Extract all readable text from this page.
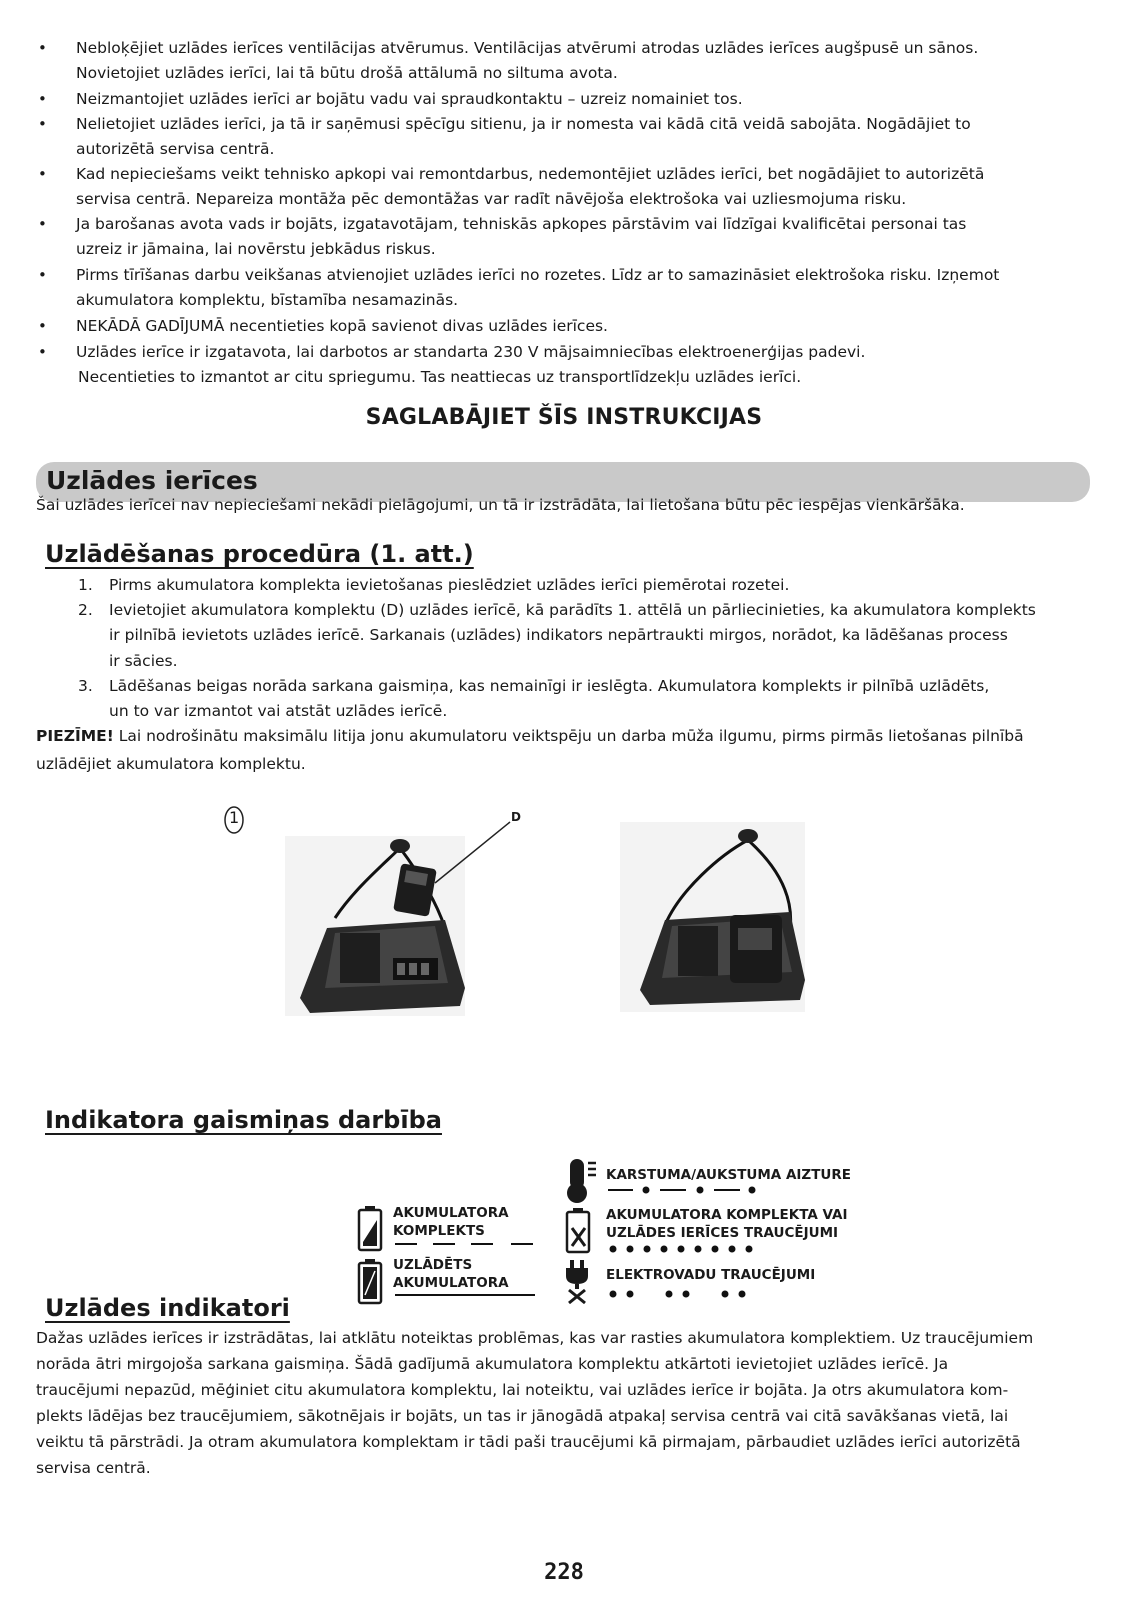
• Nebloķējiet uzlādes ierīces ventilācijas atvērumus. Ventilācijas atvērumi atrodas uzlādes ierīces augšpusē un sānos.
Novietojiet uzlādes ierīci, lai tā būtu drošā attālumā no siltuma avota.
• Neizmantojiet uzlādes ierīci ar bojātu vadu vai spraudkontaktu – uzreiz nomainiet tos.
• Nelietojiet uzlādes ierīci, ja tā ir saņēmusi spēcīgu sitienu, ja ir nomesta vai kādā citā veidā sabojāta. Nogādājiet to
autorizētā servisa centrā.
• Kad nepieciešams veikt tehnisko apkopi vai remontdarbus, nedemontējiet uzlādes ierīci, bet nogādājiet to autorizētā
servisa centrā. Nepareiza montāža pēc demontāžas var radīt nāvējoša elektrošoka vai uzliesmojuma risku.
• Ja barošanas avota vads ir bojāts, izgatavotājam, tehniskās apkopes pārstāvim vai līdzīgai kvalificētai personai tas
uzreiz ir jāmaina, lai novērstu jebkādus riskus.
• Pirms tīrīšanas darbu veikšanas atvienojiet uzlādes ierīci no rozetes. Līdz ar to samazināsiet elektrošoka risku. Izņemot
akumulatora komplektu, bīstamība nesamazinās.
• NEKĀDĀ GADĪJUMĀ necentieties kopā savienot divas uzlādes ierīces.
• Uzlādes ierīce ir izgatavota, lai darbotos ar standarta 230 V mājsaimniecības elektroenerģijas padevi.
Necentieties to izmantot ar citu spriegumu. Tas neattiecas uz transportlīdzekļu uzlādes ierīci.
SAGLABĀJIET ŠĪS INSTRUKCIJAS
Uzlādes ierīces
Šai uzlādes ierīcei nav nepieciešami nekādi pielāgojumi, un tā ir izstrādāta, lai lietošana būtu pēc iespējas vienkāršāka.
Uzlādēšanas procedūra (1. att.)
1. Pirms akumulatora komplekta ievietošanas pieslēdziet uzlādes ierīci piemērotai rozetei.
2. Ievietojiet akumulatora komplektu (D) uzlādes ierīcē, kā parādīts 1. attēlā un pārliecinieties, ka akumulatora komplekts
ir pilnībā ievietots uzlādes ierīcē. Sarkanais (uzlādes) indikators nepārtraukti mirgos, norādot, ka lādēšanas process
ir sācies.
3. Lādēšanas beigas norāda sarkana gaismiņa, kas nemainīgi ir ieslēgta. Akumulatora komplekts ir pilnībā uzlādēts,
un to var izmantot vai atstāt uzlādes ierīcē.
PIEZĪME! Lai nodrošinātu maksimālu litija jonu akumulatoru veiktspēju un darba mūža ilgumu, pirms pirmās lietošanas pilnībā
uzlādējiet akumulatora komplektu.
1	D
Indikatora gaismiņas darbība
AKUMULATORA
KOMPLEKTS
UZLĀDĒTS
AKUMULATORA
KARSTUMA/AUKSTUMA AIZTURE
AKUMULATORA KOMPLEKTA VAI
UZLĀDES IERĪCES TRAUCĒJUMI
ELEKTROVADU TRAUCĒJUMI
Uzlādes indikatori
Dažas uzlādes ierīces ir izstrādātas, lai atklātu noteiktas problēmas, kas var rasties akumulatora komplektiem. Uz traucējumiem
norāda ātri mirgojoša sarkana gaismiņa. Šādā gadījumā akumulatora komplektu atkārtoti ievietojiet uzlādes ierīcē. Ja
traucējumi nepazūd, mēģiniet citu akumulatora komplektu, lai noteiktu, vai uzlādes ierīce ir bojāta. Ja otrs akumulatora kom-
plekts lādējas bez traucējumiem, sākotnējais ir bojāts, un tas ir jānogādā atpakaļ servisa centrā vai citā savākšanas vietā, lai
veiktu tā pārstrādi. Ja otram akumulatora komplektam ir tādi paši traucējumi kā pirmajam, pārbaudiet uzlādes ierīci autorizētā
servisa centrā.
228
